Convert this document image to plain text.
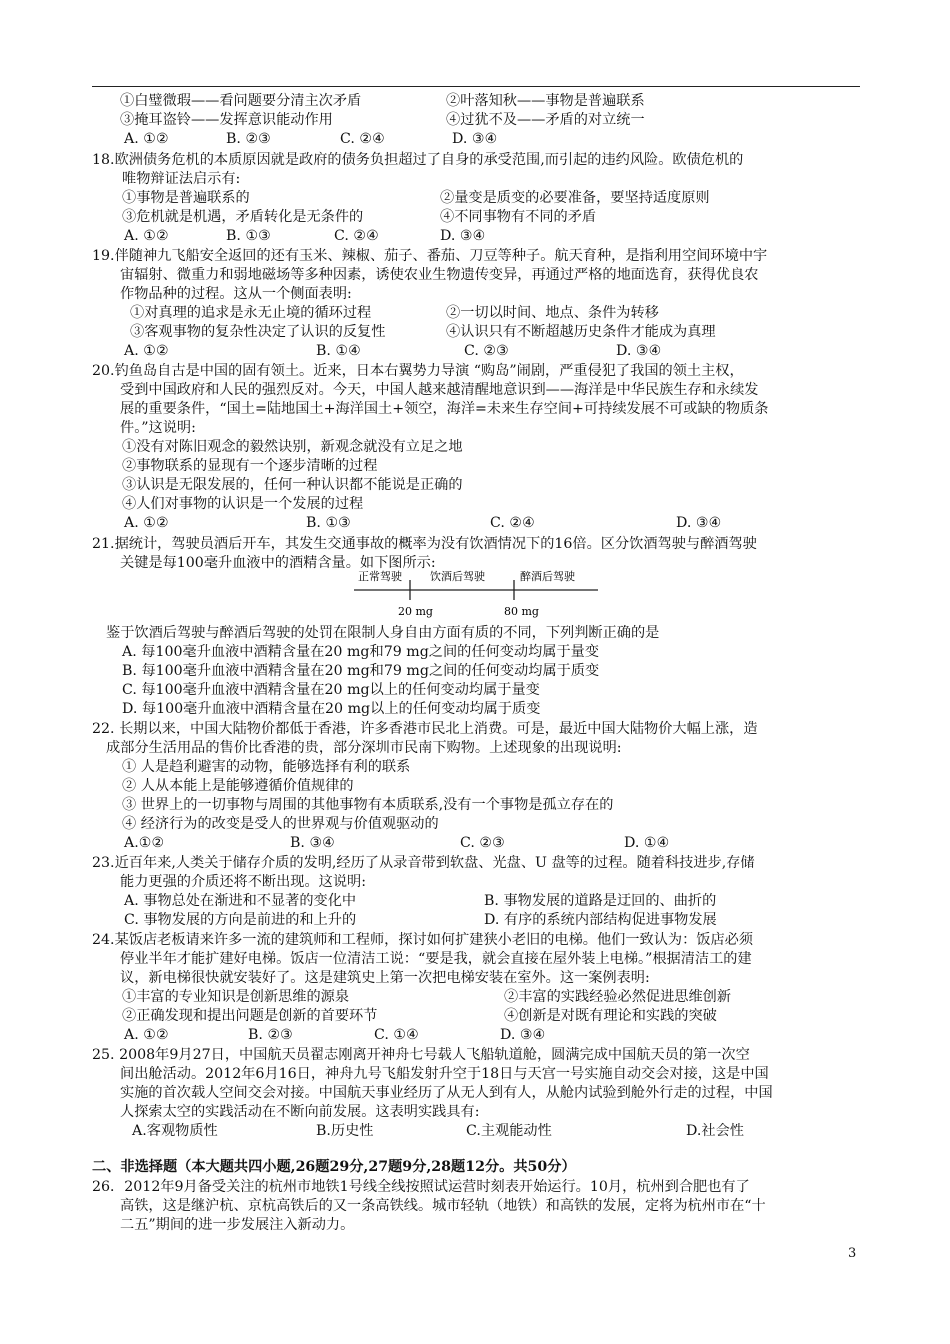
①白璧微瑕——看问题要分清主次矛盾	②叶落知秋——事物是普遍联系
③掩耳盗铃——发挥意识能动作用	④过犹不及——矛盾的对立统一
A. ①②	B. ②③	C. ②④	D. ③④
18.欧洲债务危机的本质原因就是政府的债务负担超过了自身的承受范围,而引起的违约风险。欧债危机的
唯物辩证法启示有:
①事物是普遍联系的	②量变是质变的必要准备，要坚持适度原则
③危机就是机遇，矛盾转化是无条件的	④不同事物有不同的矛盾
A. ①②	B. ①③	C. ②④	D. ③④
19.伴随神九飞船安全返回的还有玉米、辣椒、茄子、番茄、刀豆等种子。航天育种，是指利用空间环境中宇
宙辐射、微重力和弱地磁场等多种因素，诱使农业生物遗传变异，再通过严格的地面选育，获得优良农
作物品种的过程。这从一个侧面表明:
①对真理的追求是永无止境的循环过程	②一切以时间、地点、条件为转移
③客观事物的复杂性决定了认识的反复性	④认识只有不断超越历史条件才能成为真理
A. ①②	B. ①④	C. ②③	D. ③④
20.钓鱼岛自古是中国的固有领土。近来，日本右翼势力导演 “购岛”闹剧，严重侵犯了我国的领土主权，
受到中国政府和人民的强烈反对。今天，中国人越来越清醒地意识到——海洋是中华民族生存和永续发
展的重要条件，“国土=陆地国土+海洋国土+领空，海洋=未来生存空间+可持续发展不可或缺的物质条
件。”这说明:
①没有对陈旧观念的毅然诀别，新观念就没有立足之地
②事物联系的显现有一个逐步清晰的过程
③认识是无限发展的，任何一种认识都不能说是正确的
④人们对事物的认识是一个发展的过程
A. ①②	B. ①③	C. ②④	D. ③④
21.据统计，驾驶员酒后开车，其发生交通事故的概率为没有饮酒情况下的16倍。区分饮酒驾驶与醉酒驾驶
关键是每100毫升血液中的酒精含量。如下图所示:
正常驾驶	饮酒后驾驶	醉酒后驾驶
20 mg	80 mg
鉴于饮酒后驾驶与醉酒后驾驶的处罚在限制人身自由方面有质的不同，下列判断正确的是
A. 每100毫升血液中酒精含量在20 mg和79 mg之间的任何变动均属于量变
B. 每100毫升血液中酒精含量在20 mg和79 mg之间的任何变动均属于质变
C. 每100毫升血液中酒精含量在20 mg以上的任何变动均属于量变
D. 每100毫升血液中酒精含量在20 mg以上的任何变动均属于质变
22. 长期以来，中国大陆物价都低于香港，许多香港市民北上消费。可是，最近中国大陆物价大幅上涨，造
成部分生活用品的售价比香港的贵，部分深圳市民南下购物。上述现象的出现说明:
① 人是趋利避害的动物，能够选择有利的联系
② 人从本能上是能够遵循价值规律的
③ 世界上的一切事物与周围的其他事物有本质联系,没有一个事物是孤立存在的
④ 经济行为的改变是受人的世界观与价值观驱动的
A.①②	B. ③④	C. ②③	D. ①④
23.近百年来,人类关于储存介质的发明,经历了从录音带到软盘、光盘、U 盘等的过程。随着科技进步,存储
能力更强的介质还将不断出现。这说明:
A. 事物总处在渐进和不显著的变化中	B. 事物发展的道路是迂回的、曲折的
C. 事物发展的方向是前进的和上升的	D. 有序的系统内部结构促进事物发展
24.某饭店老板请来许多一流的建筑师和工程师，探讨如何扩建狭小老旧的电梯。他们一致认为：饭店必须
停业半年才能扩建好电梯。饭店一位清洁工说：“要是我，就会直接在屋外装上电梯。”根据清洁工的建
议，新电梯很快就安装好了。这是建筑史上第一次把电梯安装在室外。这一案例表明:
①丰富的专业知识是创新思维的源泉	②丰富的实践经验必然促进思维创新
②正确发现和提出问题是创新的首要环节	④创新是对既有理论和实践的突破
A. ①②	B. ②③	C. ①④	D. ③④
25. 2008年9月27日，中国航天员翟志刚离开神舟七号载人飞船轨道舱，圆满完成中国航天员的第一次空
间出舱活动。2012年6月16日，神舟九号飞船发射升空于18日与天宫一号实施自动交会对接，这是中国
实施的首次载人空间交会对接。中国航天事业经历了从无人到有人，从舱内试验到舱外行走的过程，中国
人探索太空的实践活动在不断向前发展。这表明实践具有:
A.客观物质性	B.历史性	C.主观能动性	D.社会性
二、非选择题（本大题共四小题,26题29分,27题9分,28题12分。共50分）
26．2012年9月备受关注的杭州市地铁1号线全线按照试运营时刻表开始运行。10月，杭州到合肥也有了
高铁，这是继沪杭、京杭高铁后的又一条高铁线。城市轻轨（地铁）和高铁的发展，定将为杭州市在“十
二五”期间的进一步发展注入新动力。
3
